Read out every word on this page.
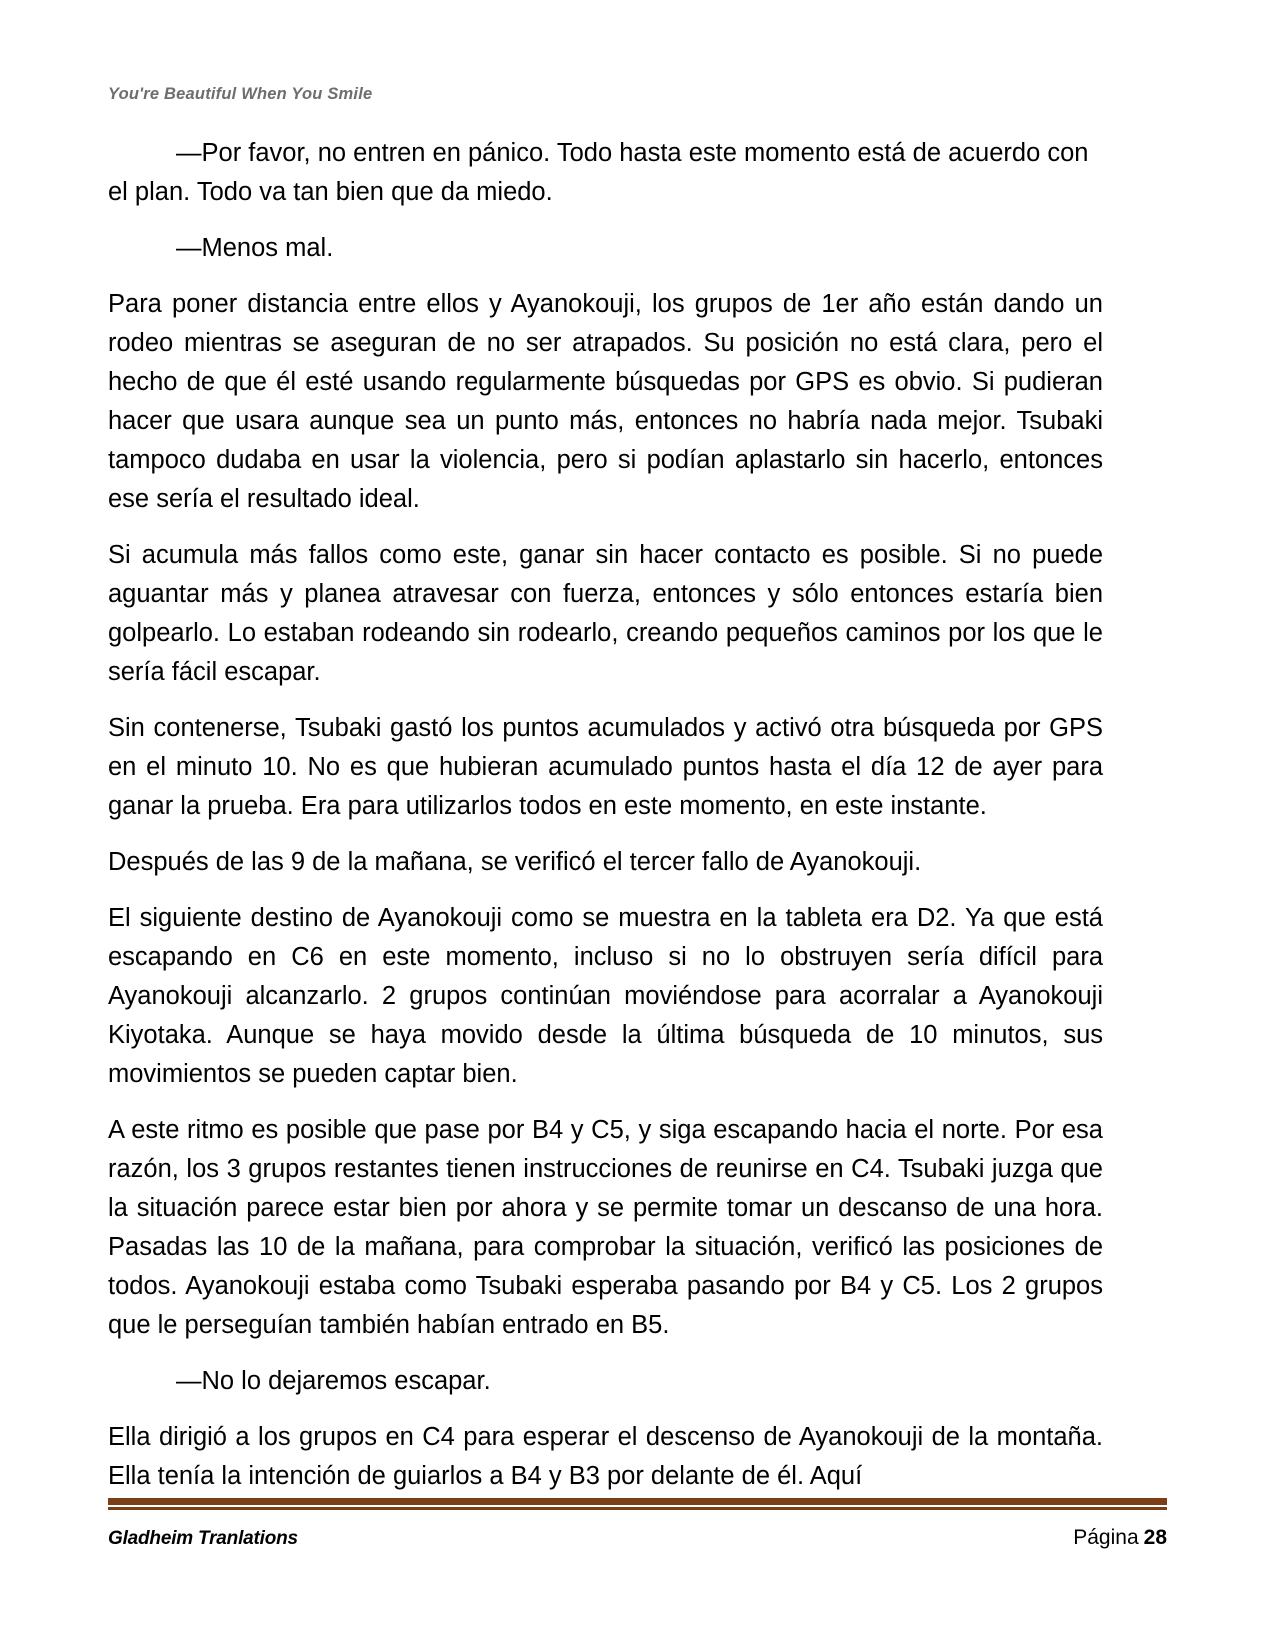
You're Beautiful When You Smile

—Por favor, no entren en pánico. Todo hasta este momento está de acuerdo con el plan. Todo va tan bien que da miedo.

—Menos mal.

Para poner distancia entre ellos y Ayanokouji, los grupos de 1er año están dando un rodeo mientras se aseguran de no ser atrapados. Su posición no está clara, pero el hecho de que él esté usando regularmente búsquedas por GPS es obvio. Si pudieran hacer que usara aunque sea un punto más, entonces no habría nada mejor. Tsubaki tampoco dudaba en usar la violencia, pero si podían aplastarlo sin hacerlo, entonces ese sería el resultado ideal.

Si acumula más fallos como este, ganar sin hacer contacto es posible. Si no puede aguantar más y planea atravesar con fuerza, entonces y sólo entonces estaría bien golpearlo. Lo estaban rodeando sin rodearlo, creando pequeños caminos por los que le sería fácil escapar.

Sin contenerse, Tsubaki gastó los puntos acumulados y activó otra búsqueda por GPS en el minuto 10. No es que hubieran acumulado puntos hasta el día 12 de ayer para ganar la prueba. Era para utilizarlos todos en este momento, en este instante.

Después de las 9 de la mañana, se verificó el tercer fallo de Ayanokouji.

El siguiente destino de Ayanokouji como se muestra en la tableta era D2. Ya que está escapando en C6 en este momento, incluso si no lo obstruyen sería difícil para Ayanokouji alcanzarlo. 2 grupos continúan moviéndose para acorralar a Ayanokouji Kiyotaka. Aunque se haya movido desde la última búsqueda de 10 minutos, sus movimientos se pueden captar bien.

A este ritmo es posible que pase por B4 y C5, y siga escapando hacia el norte. Por esa razón, los 3 grupos restantes tienen instrucciones de reunirse en C4. Tsubaki juzga que la situación parece estar bien por ahora y se permite tomar un descanso de una hora. Pasadas las 10 de la mañana, para comprobar la situación, verificó las posiciones de todos. Ayanokouji estaba como Tsubaki esperaba pasando por B4 y C5. Los 2 grupos que le perseguían también habían entrado en B5.

—No lo dejaremos escapar.

Ella dirigió a los grupos en C4 para esperar el descenso de Ayanokouji de la montaña. Ella tenía la intención de guiarlos a B4 y B3 por delante de él. Aquí

Gladheim Tranlations	Página 28
